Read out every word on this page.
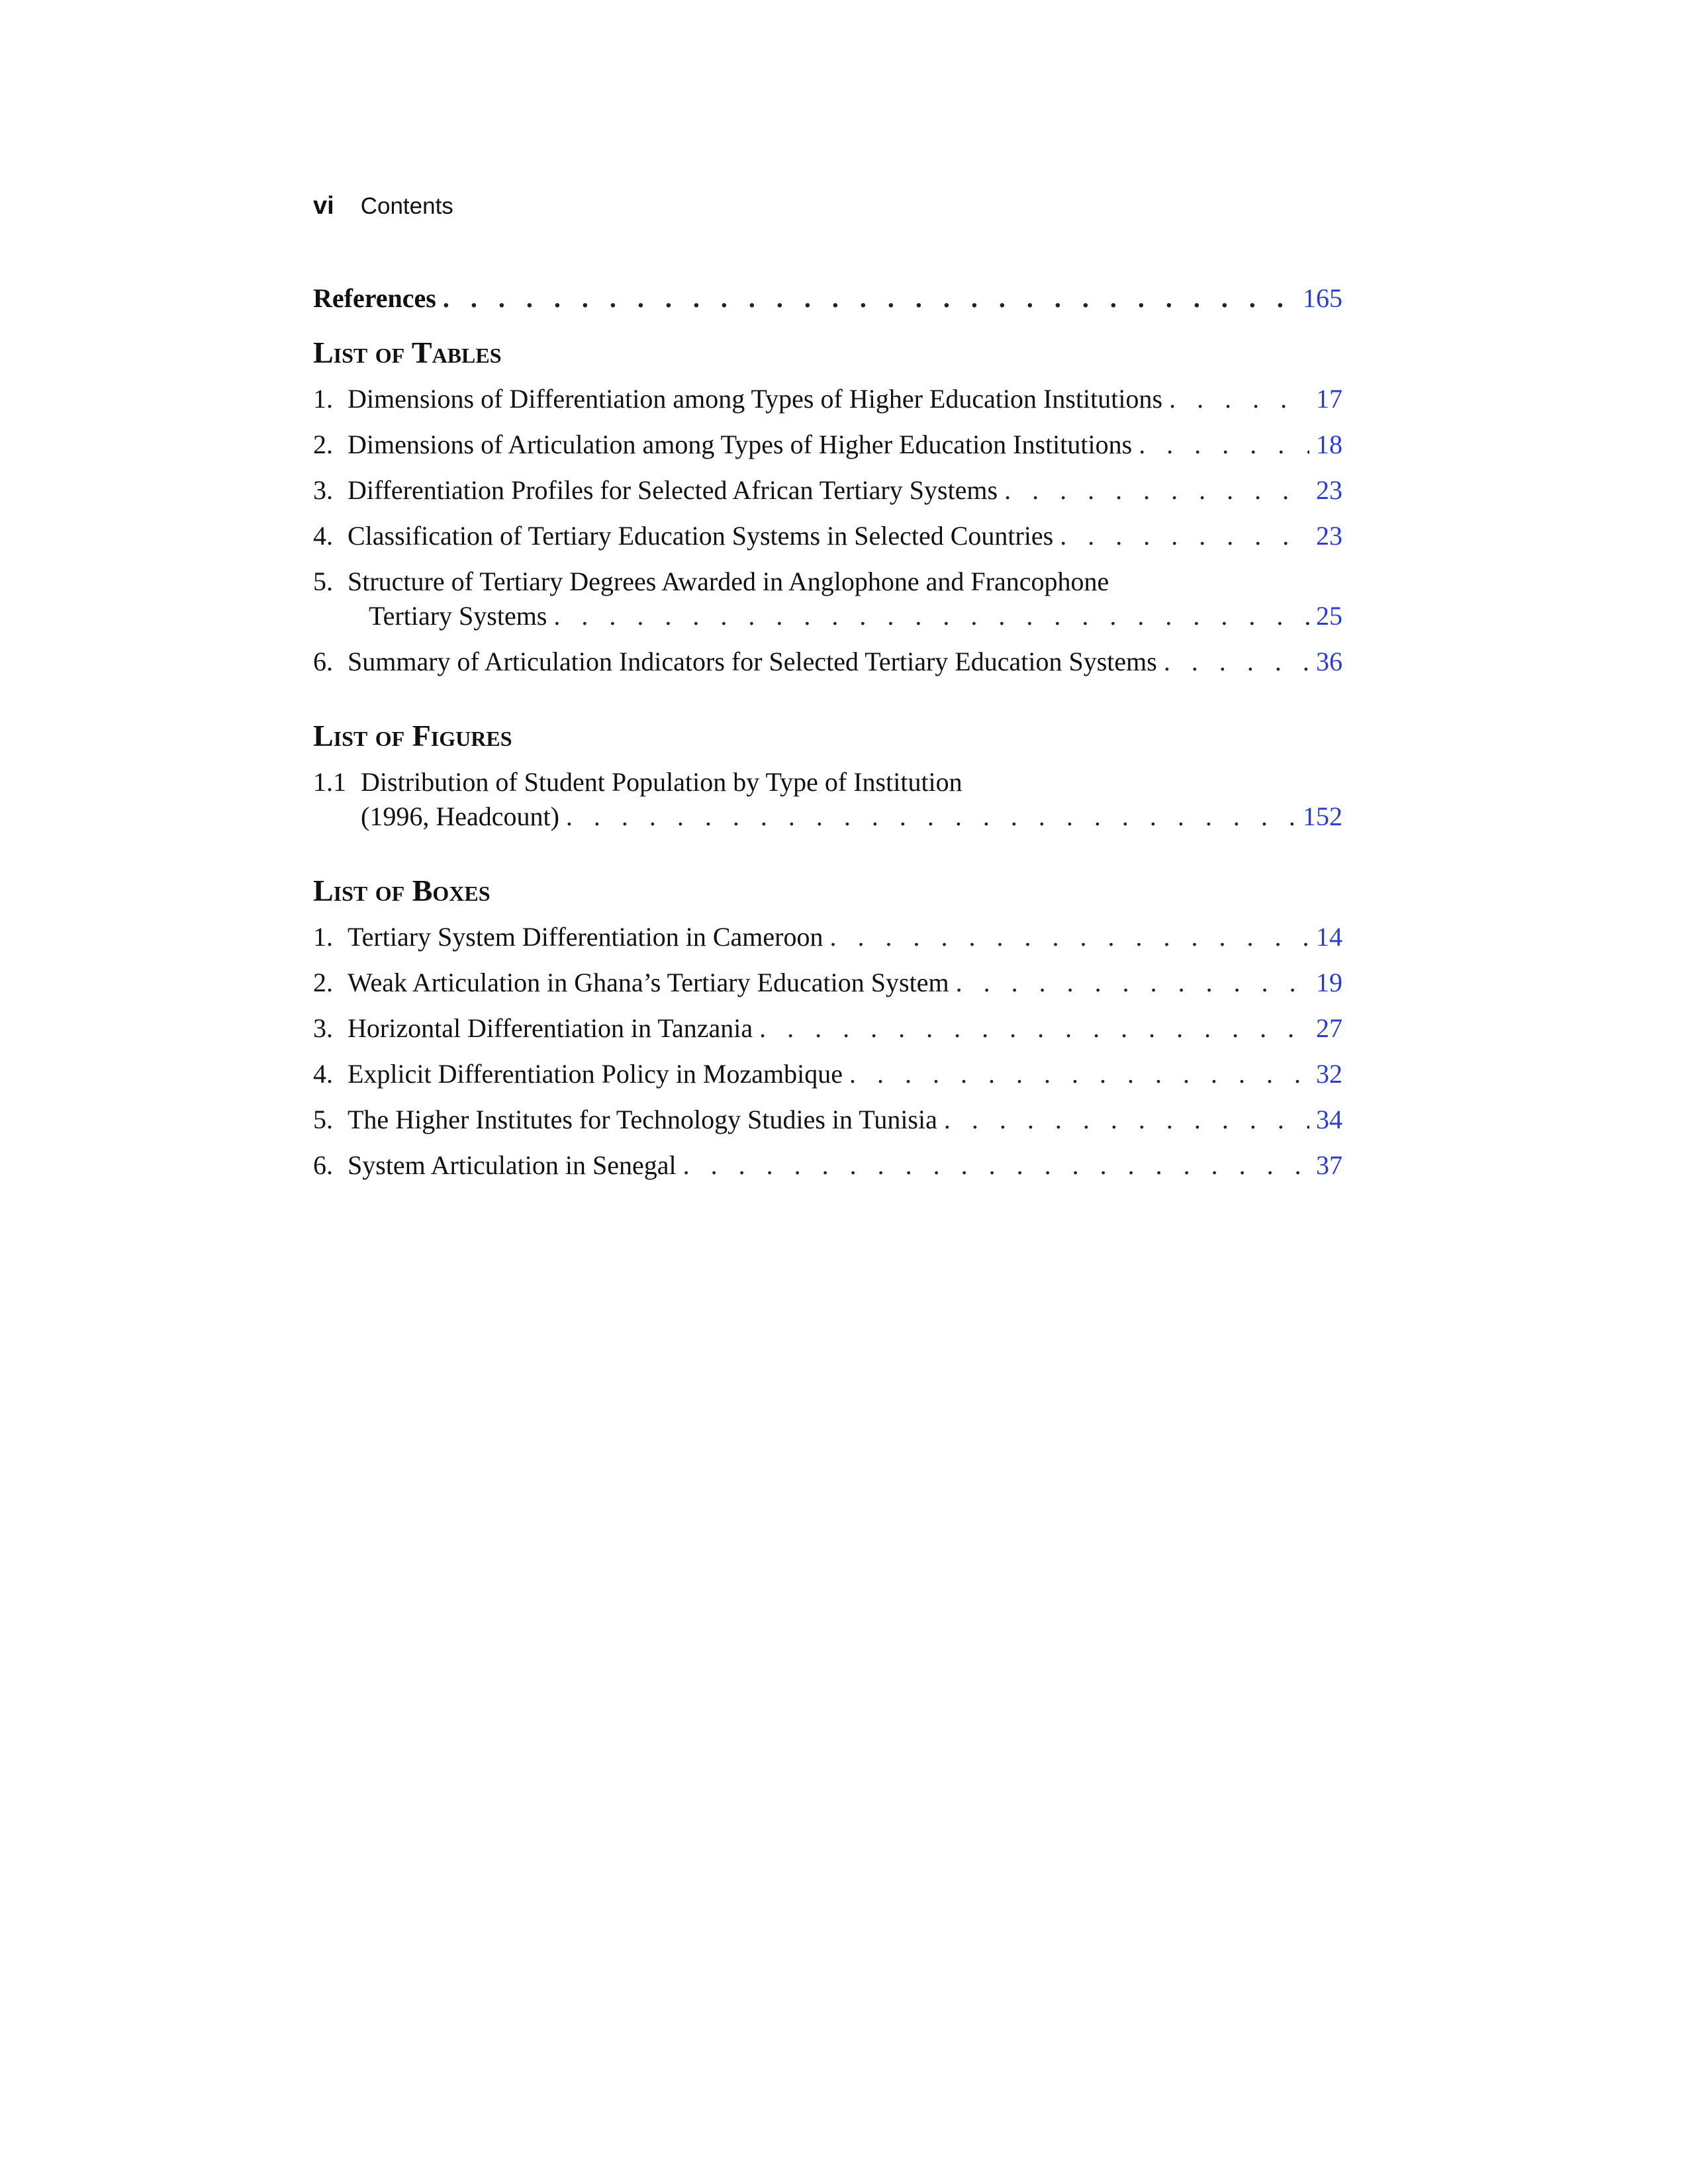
vi Contents
References . . .	165
List of Tables
1. Dimensions of Differentiation among Types of Higher Education Institutions . . .	17
2. Dimensions of Articulation among Types of Higher Education Institutions . . .	18
3. Differentiation Profiles for Selected African Tertiary Systems . . .	23
4. Classification of Tertiary Education Systems in Selected Countries . . .	23
5. Structure of Tertiary Degrees Awarded in Anglophone and Francophone
Tertiary Systems . . .	25
6. Summary of Articulation Indicators for Selected Tertiary Education Systems . . .	36
List of Figures
1.1 Distribution of Student Population by Type of Institution
(1996, Headcount) . . .	152
List of Boxes
1. Tertiary System Differentiation in Cameroon . . .	14
2. Weak Articulation in Ghana’s Tertiary Education System . . .	19
3. Horizontal Differentiation in Tanzania . . .	27
4. Explicit Differentiation Policy in Mozambique . . .	32
5. The Higher Institutes for Technology Studies in Tunisia . . .	34
6. System Articulation in Senegal . . .	37
